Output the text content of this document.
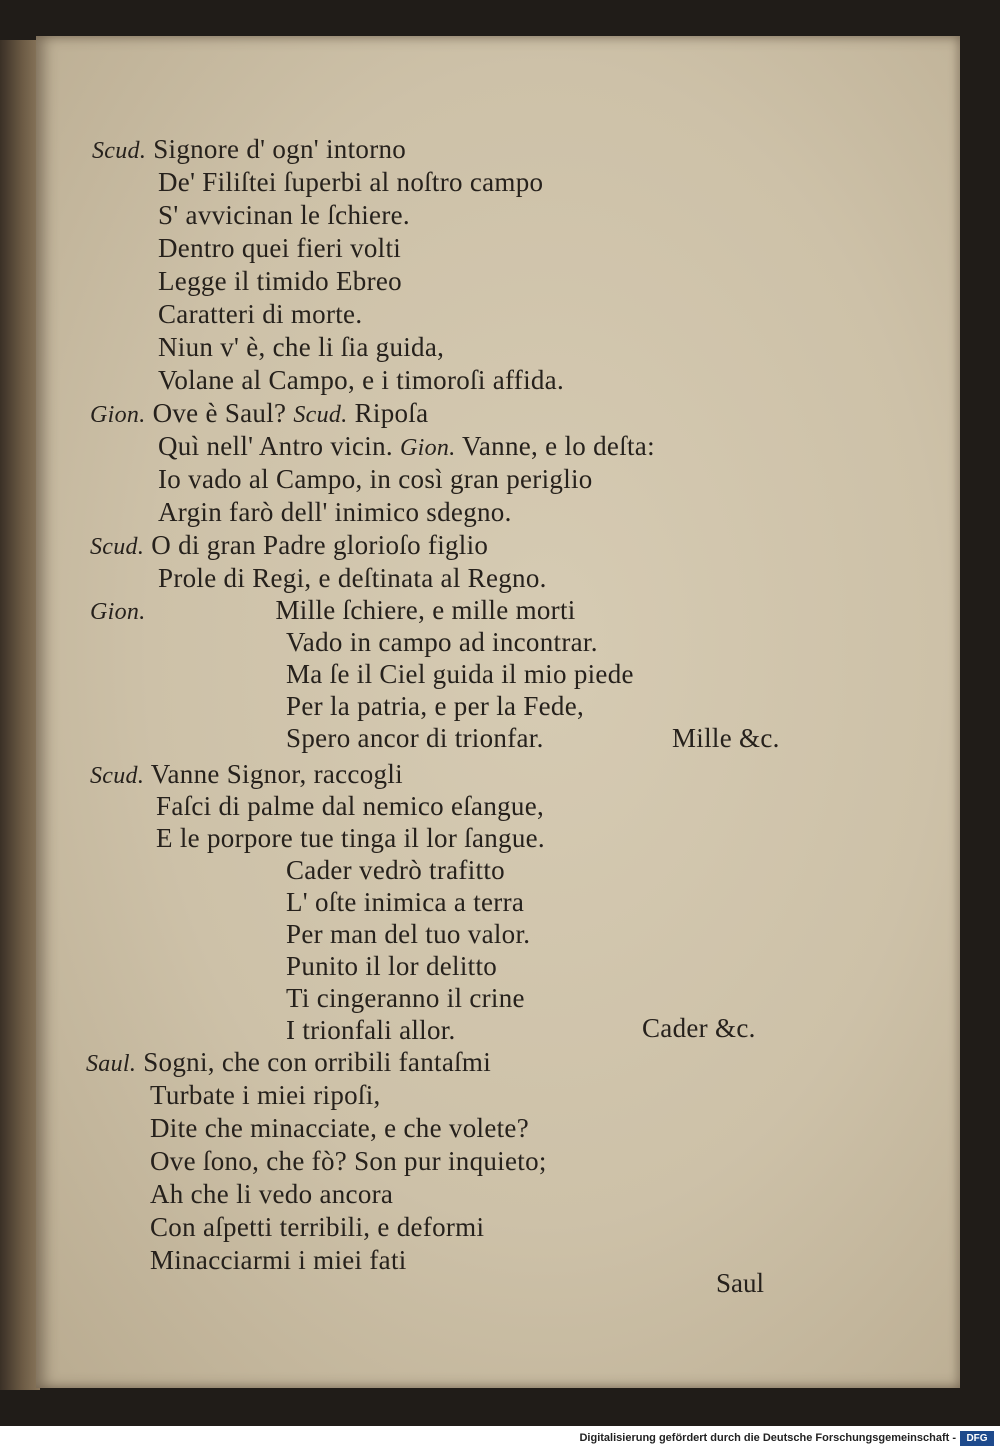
Scud. Signore d' ogn' intorno
De' Filiſtei ſuperbi al noſtro campo
S' avvicinan le ſchiere.
Dentro quei fieri volti
Legge il timido Ebreo
Caratteri di morte.
Niun v' è, che li ſia guida,
Volane al Campo, e i timoroſi affida.
Gion. Ove è Saul? Scud. Ripoſa
Quì nell' Antro vicin. Gion. Vanne, e lo deſta:
Io vado al Campo, in così gran periglio
Argin farò dell' inimico sdegno.
Scud. O di gran Padre glorioſo figlio
Prole di Regi, e deſtinata al Regno.
Gion.	Mille ſchiere, e mille morti
Vado in campo ad incontrar.
Ma ſe il Ciel guida il mio piede
Per la patria, e per la Fede,
Spero ancor di trionfar.	Mille &c.
Scud. Vanne Signor, raccogli
Faſci di palme dal nemico eſangue,
E le porpore tue tinga il lor ſangue.
Cader vedrò trafitto
L' oſte inimica a terra
Per man del tuo valor.
Punito il lor delitto
Ti cingeranno il crine
I trionfali allor.	Cader &c.
Saul. Sogni, che con orribili fantaſmi
Turbate i miei ripoſi,
Dite che minacciate, e che volete?
Ove ſono, che fò? Son pur inquieto;
Ah che li vedo ancora
Con aſpetti terribili, e deformi
Minacciarmi i miei fati
Saul
Digitalisierung gefördert durch die Deutsche Forschungsgemeinschaft -	DFG
